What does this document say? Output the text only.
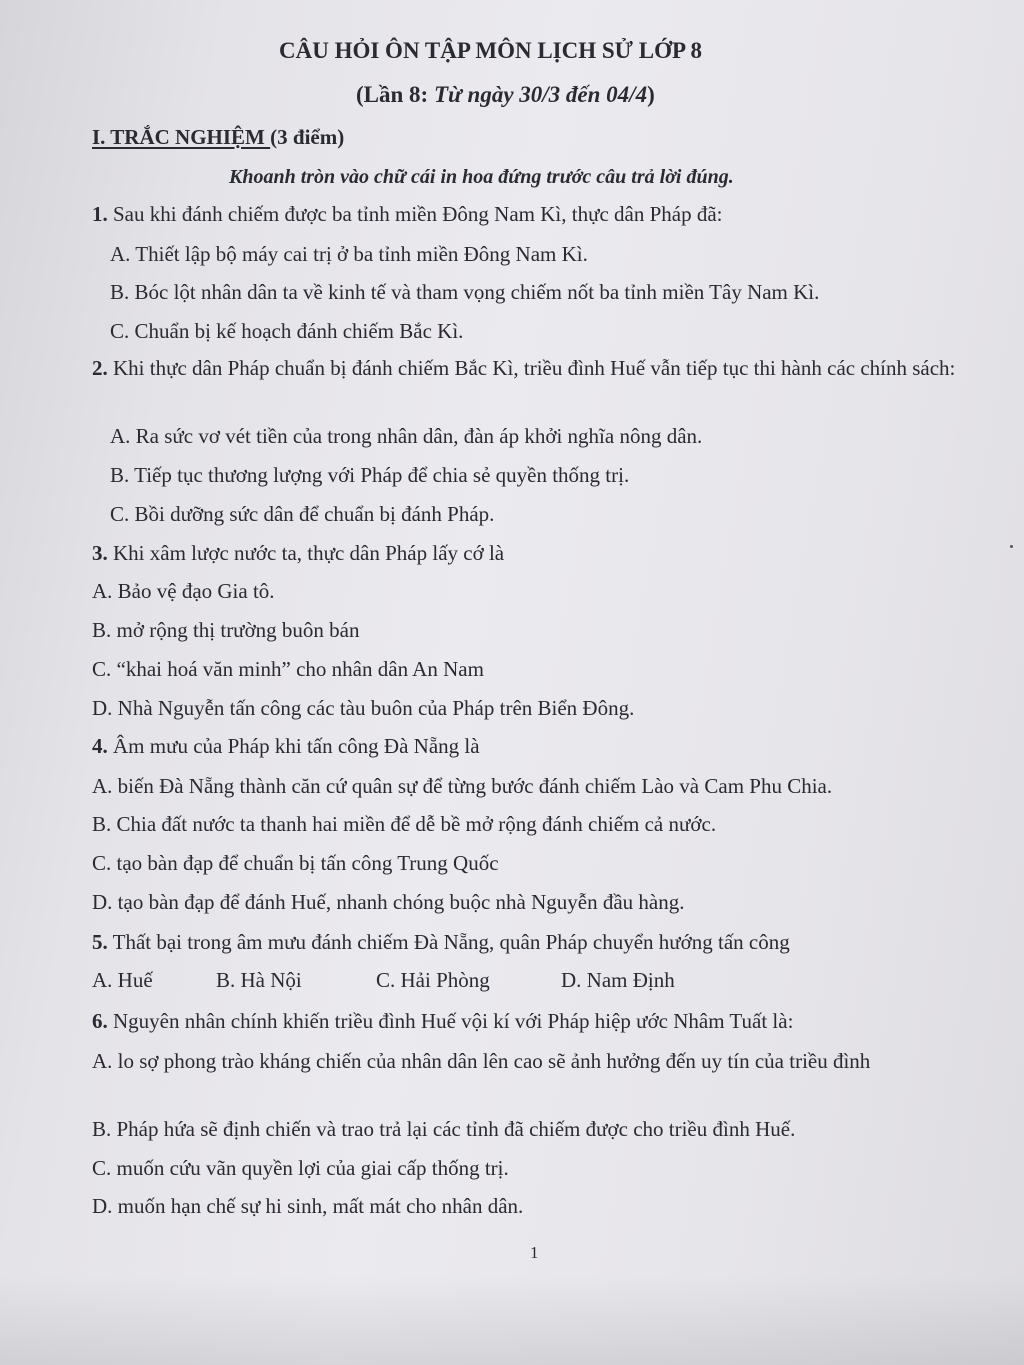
CÂU HỎI ÔN TẬP MÔN LỊCH SỬ LỚP 8
(Lần 8: Từ ngày 30/3 đến 04/4)
I. TRẮC NGHIỆM (3 điểm)
Khoanh tròn vào chữ cái in hoa đứng trước câu trả lời đúng.
1. Sau khi đánh chiếm được ba tỉnh miền Đông Nam Kì, thực dân Pháp đã:
A. Thiết lập bộ máy cai trị ở ba tỉnh miền Đông Nam Kì.
B. Bóc lột nhân dân ta về kinh tế và tham vọng chiếm nốt ba tỉnh miền Tây Nam Kì.
C. Chuẩn bị kế hoạch đánh chiếm Bắc Kì.
2. Khi thực dân Pháp chuẩn bị đánh chiếm Bắc Kì, triều đình Huế vẫn tiếp tục thi hành các chính sách:
A. Ra sức vơ vét tiền của trong nhân dân, đàn áp khởi nghĩa nông dân.
B. Tiếp tục thương lượng với Pháp để chia sẻ quyền thống trị.
C. Bồi dưỡng sức dân để chuẩn bị đánh Pháp.
3. Khi xâm lược nước ta, thực dân Pháp lấy cớ là
A. Bảo vệ đạo Gia tô.
B. mở rộng thị trường buôn bán
C. “khai hoá văn minh” cho nhân dân An Nam
D. Nhà Nguyễn tấn công các tàu buôn của Pháp trên Biển Đông.
4. Âm mưu của Pháp khi tấn công Đà Nẵng là
A. biến Đà Nẵng thành căn cứ quân sự để từng bước đánh chiếm Lào và Cam Phu Chia.
B. Chia đất nước ta thanh hai miền để dễ bề mở rộng đánh chiếm cả nước.
C. tạo bàn đạp để chuẩn bị tấn công Trung Quốc
D. tạo bàn đạp để đánh Huế, nhanh chóng buộc nhà Nguyễn đầu hàng.
5. Thất bại trong âm mưu đánh chiếm Đà Nẵng, quân Pháp chuyển hướng tấn công
A. Huế	B. Hà Nội	C. Hải Phòng	D. Nam Định
6. Nguyên nhân chính khiến triều đình Huế vội kí với Pháp hiệp ước Nhâm Tuất là:
A. lo sợ phong trào kháng chiến của nhân dân lên cao sẽ ảnh hưởng đến uy tín của triều đình
B. Pháp hứa sẽ định chiến và trao trả lại các tỉnh đã chiếm được cho triều đình Huế.
C. muốn cứu vãn quyền lợi của giai cấp thống trị.
D. muốn hạn chế sự hi sinh, mất mát cho nhân dân.
1
